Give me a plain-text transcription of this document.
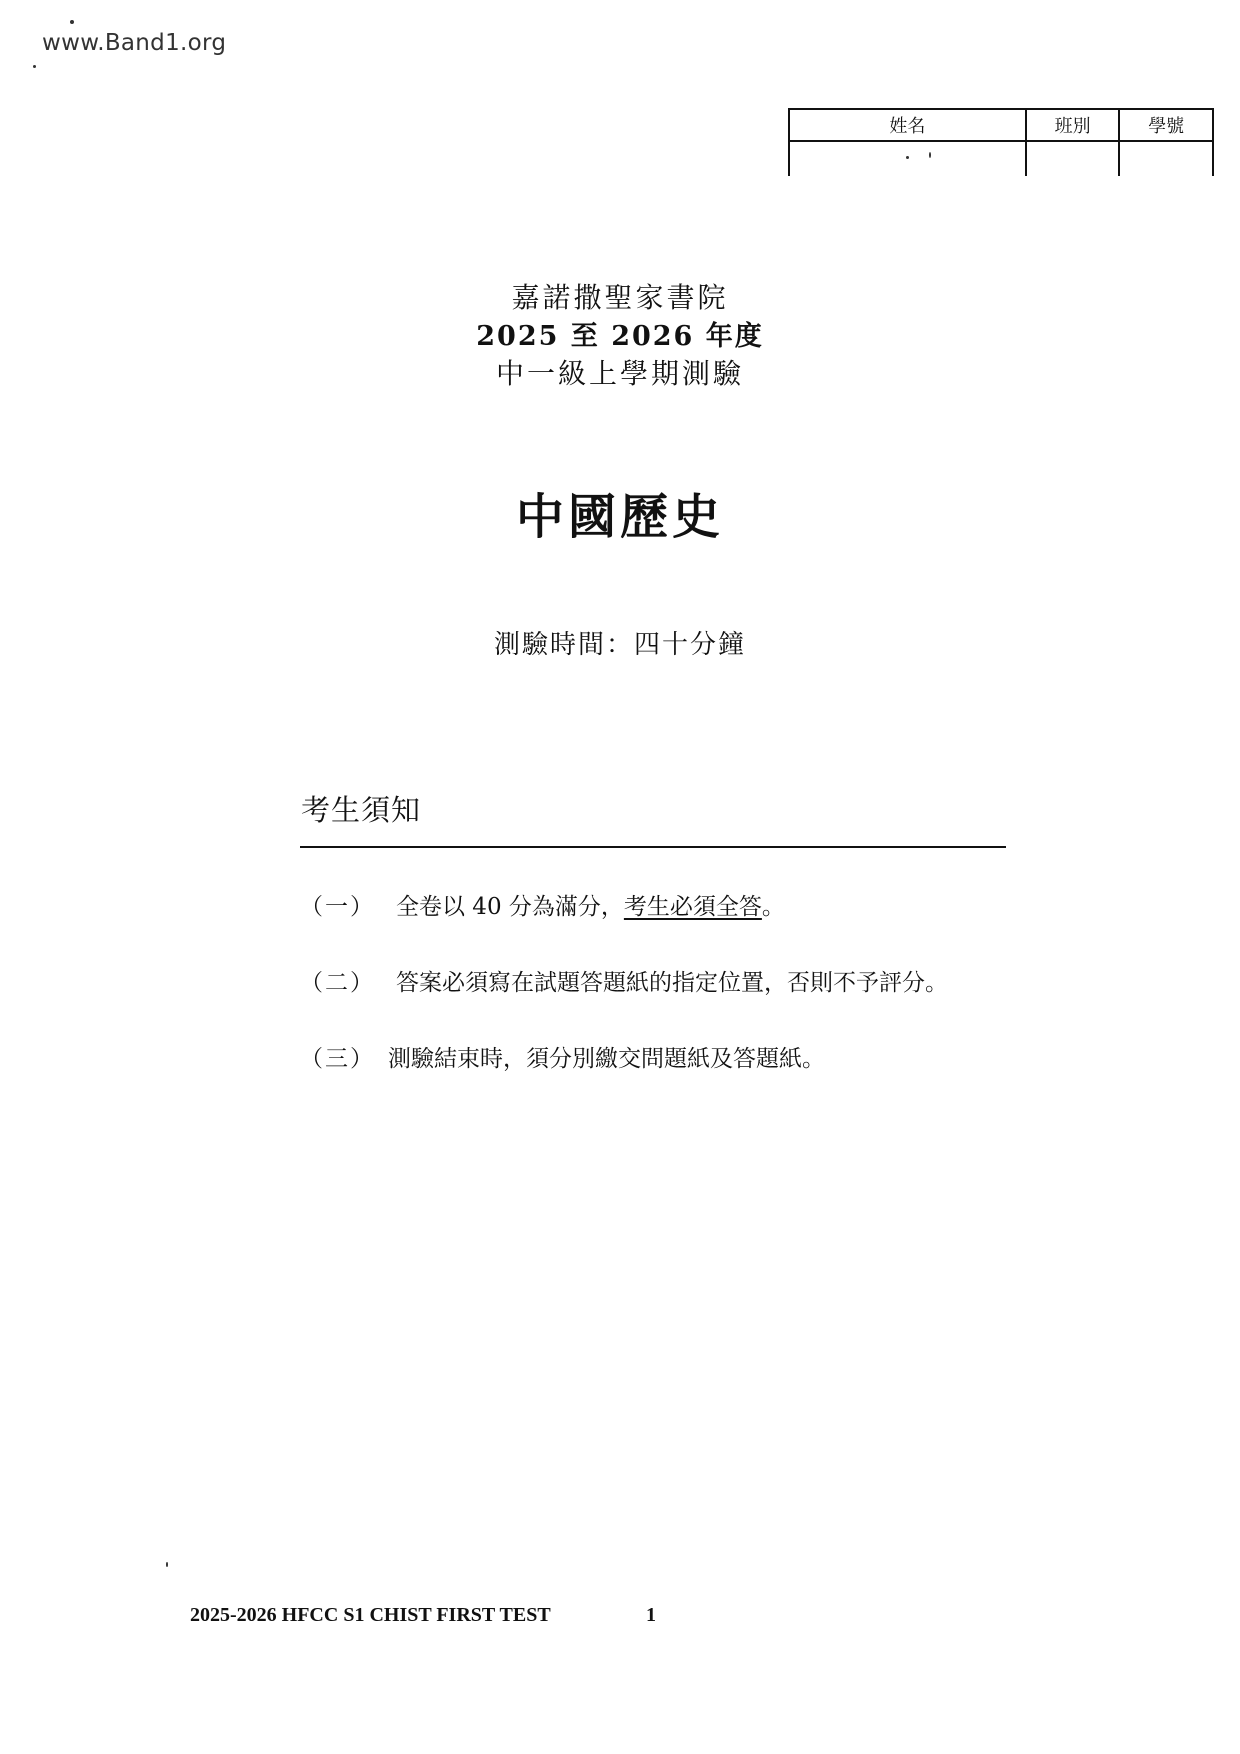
www.Band1.org
姓名	班別	學號

嘉諾撒聖家書院
2025 至 2026 年度
中一級上學期測驗
中國歷史
測驗時間：四十分鐘
考生須知
（一） 全卷以 40 分為滿分，考生必須全答。
（二） 答案必須寫在試題答題紙的指定位置，否則不予評分。
（三） 測驗結束時，須分別繳交問題紙及答題紙。
2025-2026 HFCC S1 CHIST FIRST TEST	1
